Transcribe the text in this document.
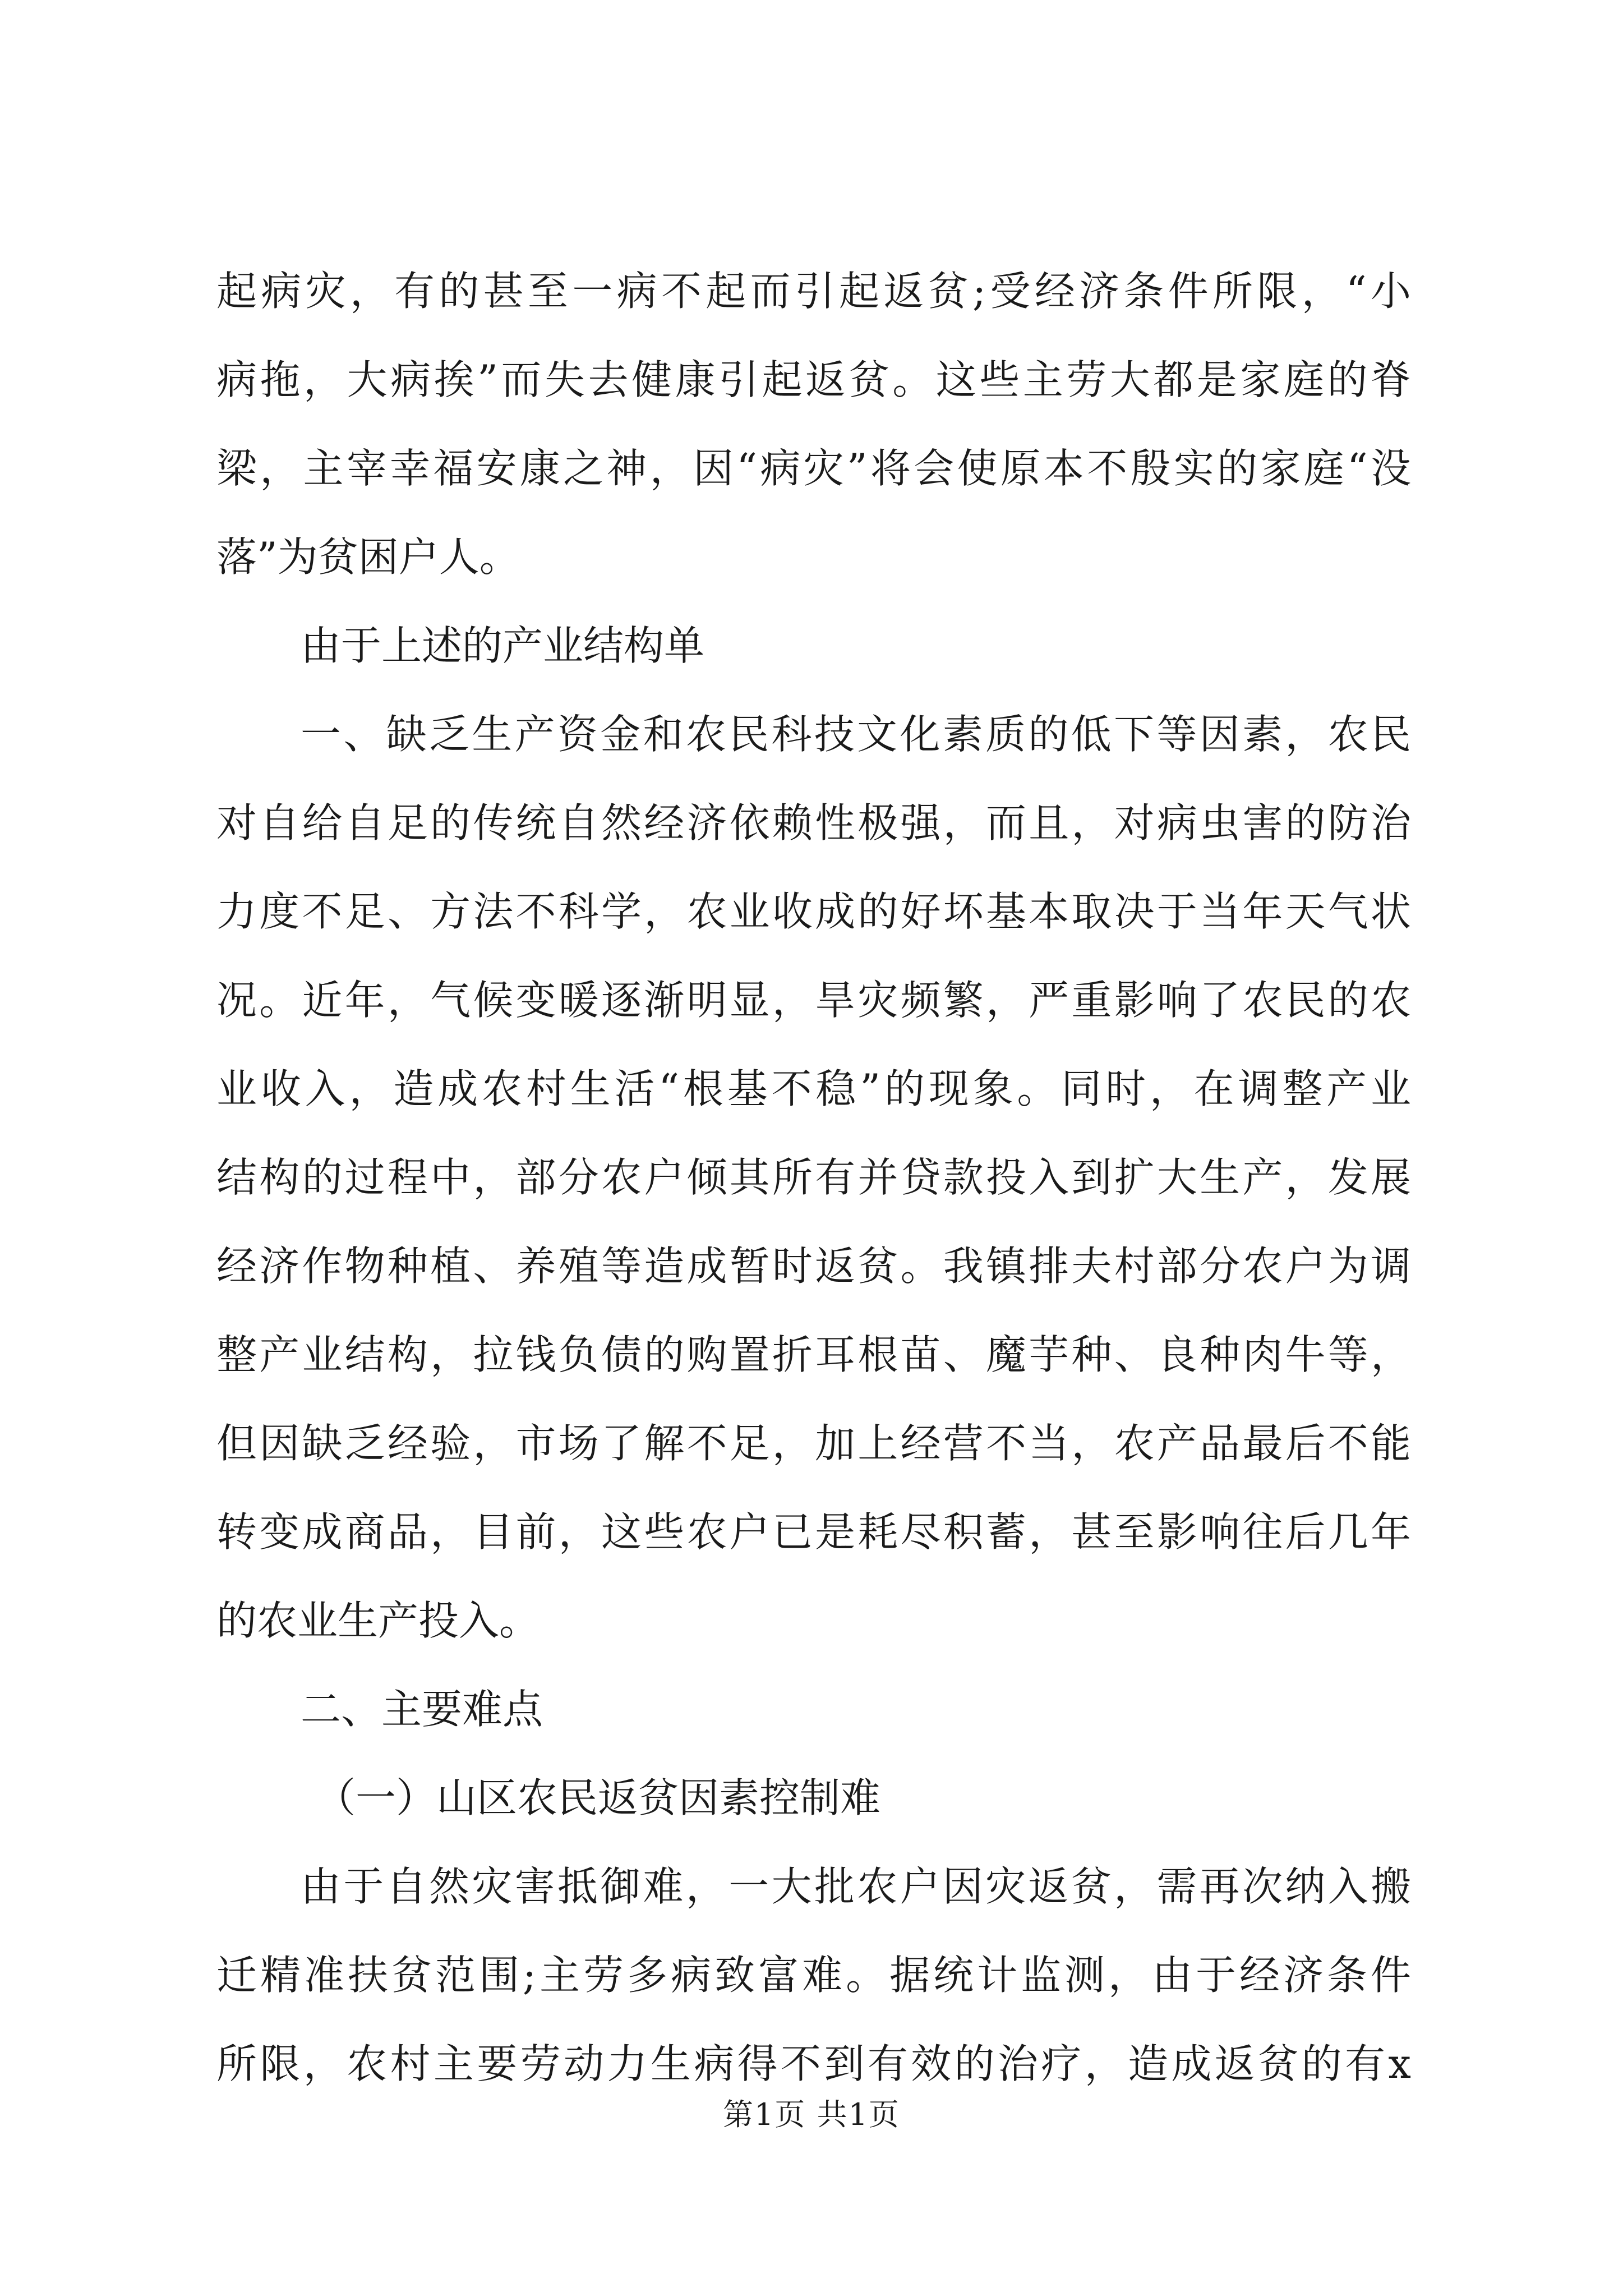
起病灾，有的甚至一病不起而引起返贫;受经济条件所限，“小
病拖，大病挨”而失去健康引起返贫。这些主劳大都是家庭的脊
梁，主宰幸福安康之神，因“病灾”将会使原本不殷实的家庭“没
落”为贫困户人。
由于上述的产业结构单
一、缺乏生产资金和农民科技文化素质的低下等因素，农民
对自给自足的传统自然经济依赖性极强，而且，对病虫害的防治
力度不足、方法不科学，农业收成的好坏基本取决于当年天气状
况。近年，气候变暖逐渐明显，旱灾频繁，严重影响了农民的农
业收入，造成农村生活“根基不稳”的现象。同时，在调整产业
结构的过程中，部分农户倾其所有并贷款投入到扩大生产，发展
经济作物种植、养殖等造成暂时返贫。我镇排夫村部分农户为调
整产业结构，拉钱负债的购置折耳根苗、魔芋种、良种肉牛等，
但因缺乏经验，市场了解不足，加上经营不当，农产品最后不能
转变成商品，目前，这些农户已是耗尽积蓄，甚至影响往后几年
的农业生产投入。
二、主要难点
（一）山区农民返贫因素控制难
由于自然灾害抵御难，一大批农户因灾返贫，需再次纳入搬
迁精准扶贫范围;主劳多病致富难。据统计监测，由于经济条件
所限，农村主要劳动力生病得不到有效的治疗，造成返贫的有x
第1页 共1页
